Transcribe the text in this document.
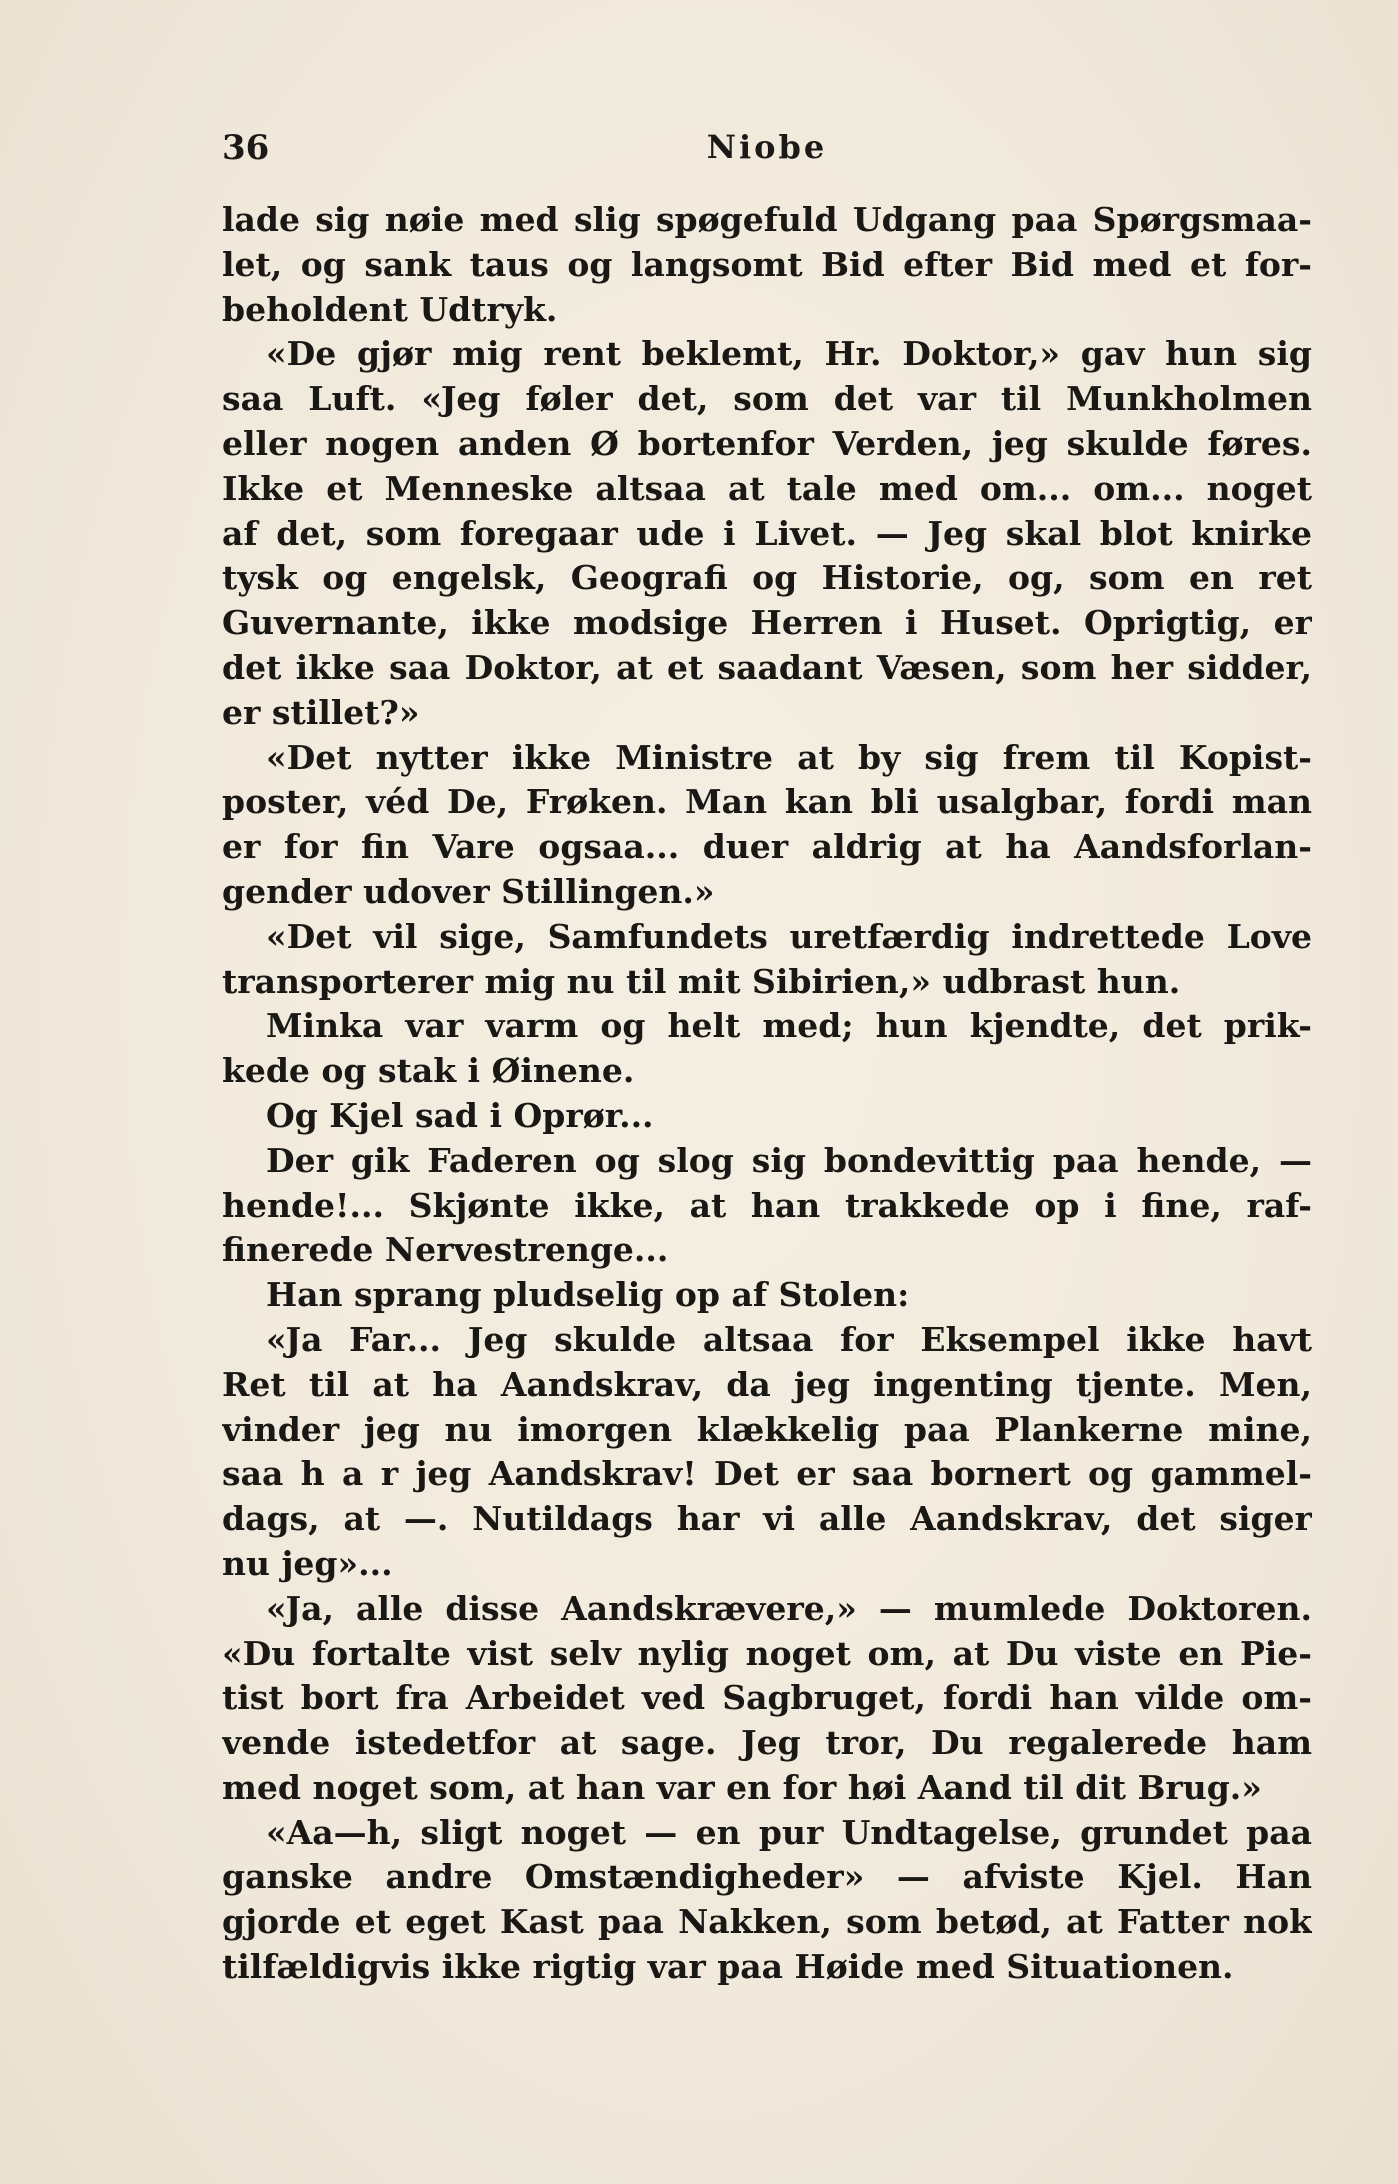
36	Niobe
lade sig nøie med slig spøgefuld Udgang paa Spørgsmaa-
let, og sank taus og langsomt Bid efter Bid med et for-
beholdent Udtryk.
«De gjør mig rent beklemt, Hr. Doktor,» gav hun sig
saa Luft. «Jeg føler det, som det var til Munkholmen
eller nogen anden Ø bortenfor Verden, jeg skulde føres.
Ikke et Menneske altsaa at tale med om... om... noget
af det, som foregaar ude i Livet. — Jeg skal blot knirke
tysk og engelsk, Geografi og Historie, og, som en ret
Guvernante, ikke modsige Herren i Huset. Oprigtig, er
det ikke saa Doktor, at et saadant Væsen, som her sidder,
er stillet?»
«Det nytter ikke Ministre at by sig frem til Kopist-
poster, véd De, Frøken. Man kan bli usalgbar, fordi man
er for fin Vare ogsaa... duer aldrig at ha Aandsforlan-
gender udover Stillingen.»
«Det vil sige, Samfundets uretfærdig indrettede Love
transporterer mig nu til mit Sibirien,» udbrast hun.
Minka var varm og helt med; hun kjendte, det prik-
kede og stak i Øinene.
Og Kjel sad i Oprør...
Der gik Faderen og slog sig bondevittig paa hende, —
hende!... Skjønte ikke, at han trakkede op i fine, raf-
finerede Nervestrenge...
Han sprang pludselig op af Stolen:
«Ja Far... Jeg skulde altsaa for Eksempel ikke havt
Ret til at ha Aandskrav, da jeg ingenting tjente. Men,
vinder jeg nu imorgen klækkelig paa Plankerne mine,
saa h a r jeg Aandskrav! Det er saa bornert og gammel-
dags, at —. Nutildags har vi alle Aandskrav, det siger
nu jeg»...
«Ja, alle disse Aandskrævere,» — mumlede Doktoren.
«Du fortalte vist selv nylig noget om, at Du viste en Pie-
tist bort fra Arbeidet ved Sagbruget, fordi han vilde om-
vende istedetfor at sage. Jeg tror, Du regalerede ham
med noget som, at han var en for høi Aand til dit Brug.»
«Aa—h, sligt noget — en pur Undtagelse, grundet paa
ganske andre Omstændigheder» — afviste Kjel. Han
gjorde et eget Kast paa Nakken, som betød, at Fatter nok
tilfældigvis ikke rigtig var paa Høide med Situationen.
